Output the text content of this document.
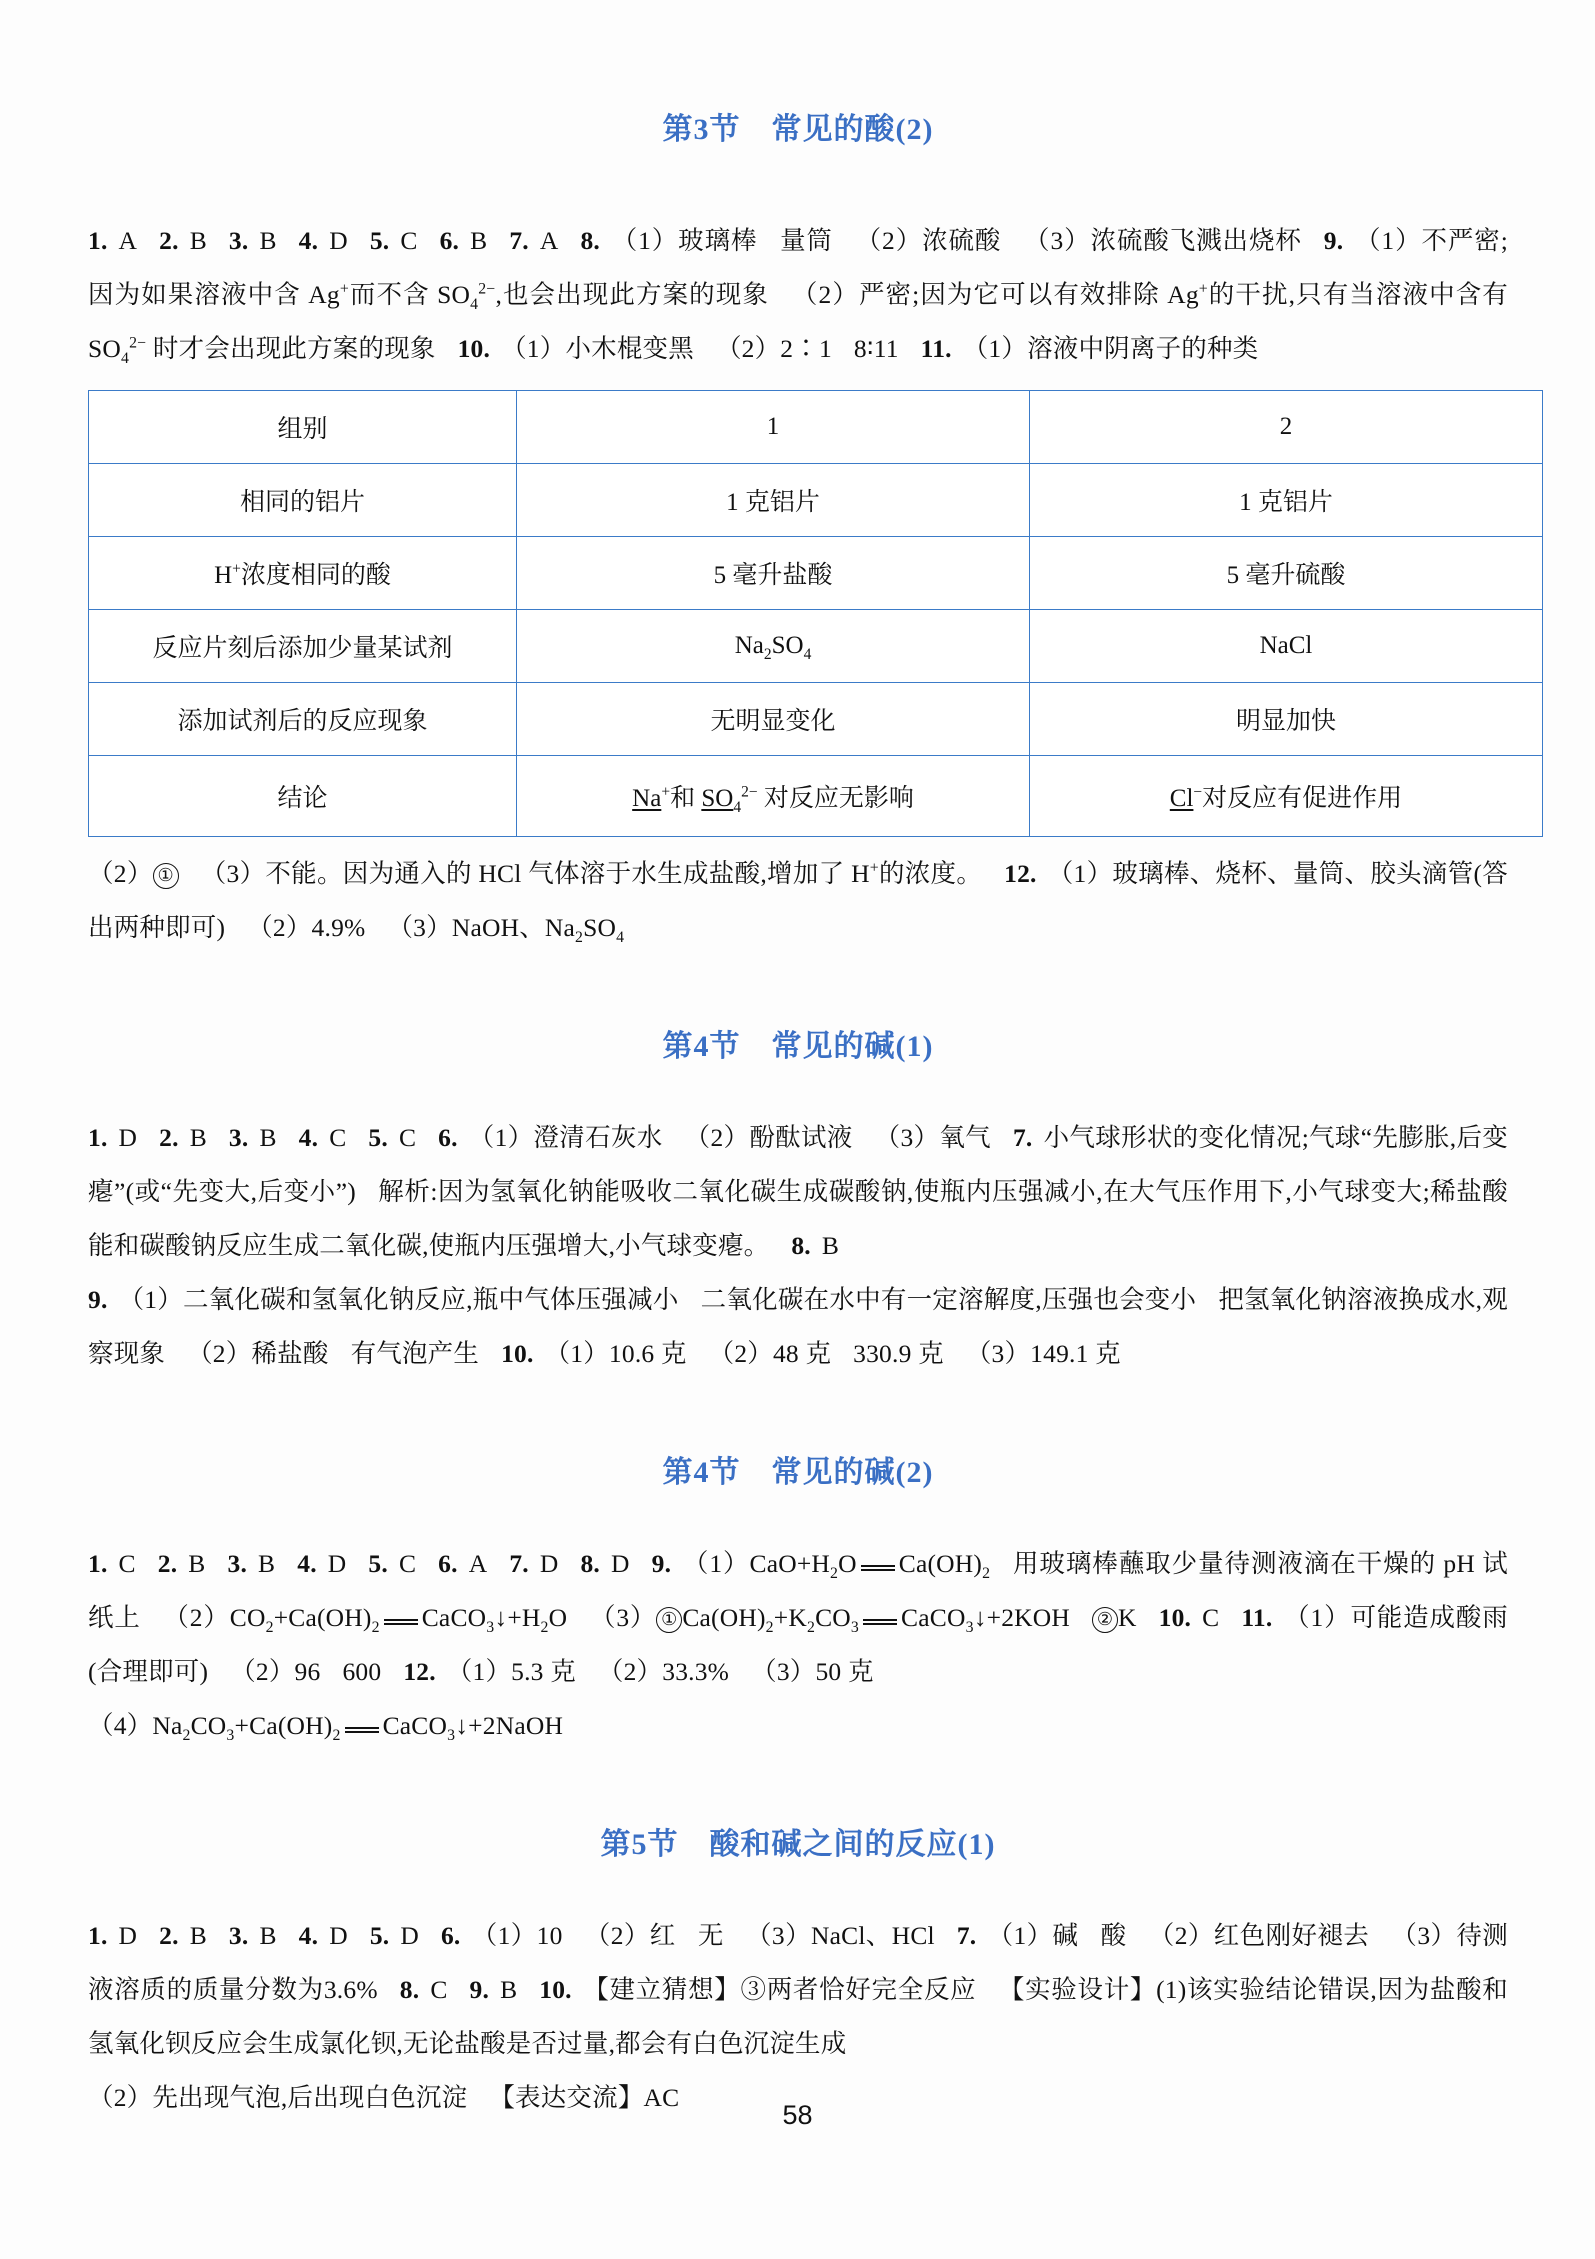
第3节　常见的酸(2)

1. A 2. B 3. B 4. D 5. C 6. B 7. A 8. （1）玻璃棒 量筒 （2）浓硫酸 （3）浓硫酸飞溅出烧杯 9. （1）不严密;因为如果溶液中含 Ag+而不含 $SO_4^{2-}$,也会出现此方案的现象 （2）严密;因为它可以有效排除 Ag+的干扰,只有当溶液中含有 $SO_4^{2-}$ 时才会出现此方案的现象 10. （1）小木棍变黑 （2）2∶1 8∶11 11. （1）溶液中阴离子的种类

组别	1	2
相同的铝片	1 克铝片	1 克铝片
H+浓度相同的酸	5 毫升盐酸	5 毫升硫酸
反应片刻后添加少量某试剂	$Na_2SO_4$	NaCl
添加试剂后的反应现象	无明显变化	明显加快
结论	Na+和 $SO_4^{2-}$ 对反应无影响	Cl−对反应有促进作用

（2） ① （3）不能。因为通入的 HCl 气体溶于水生成盐酸,增加了 H+的浓度。 12. （1）玻璃棒、烧杯、量筒、胶头滴管(答出两种即可) （2）4.9% （3）NaOH、$Na_2SO_4$

第4节　常见的碱(1)

1. D 2. B 3. B 4. C 5. C 6. （1）澄清石灰水 （2）酚酞试液 （3）氧气 7. 小气球形状的变化情况;气球“先膨胀,后变瘪”(或“先变大,后变小”) 解析:因为氢氧化钠能吸收二氧化碳生成碳酸钠,使瓶内压强减小,在大气压作用下,小气球变大;稀盐酸能和碳酸钠反应生成二氧化碳,使瓶内压强增大,小气球变瘪。 8. B
9. （1）二氧化碳和氢氧化钠反应,瓶中气体压强减小 二氧化碳在水中有一定溶解度,压强也会变小 把氢氧化钠溶液换成水,观察现象 （2）稀盐酸 有气泡产生 10. （1）10.6 克 （2）48 克 330.9 克 （3）149.1 克

第4节　常见的碱(2)

1. C 2. B 3. B 4. D 5. C 6. A 7. D 8. D 9. $(1)CaO+H_2O$ $Ca(OH)_2$ 用玻璃棒蘸取少量待测液滴在干燥的 pH 试纸上 $(2)CO_2+Ca(OH)_2$ $CaCO_3↓+H_2O$ （3） ① $Ca(OH)_2+K_2CO_3$ CaCO$_3$↓+2KOH ② K 10. C 11. （1）可能造成酸雨(合理即可) （2）96 600 12. （1）5.3 克 （2）33.3% （3）50 克
$(4)Na_2CO_3+Ca(OH)_2$ CaCO$_3$↓+2NaOH

第5节　酸和碱之间的反应(1)

1. D 2. B 3. B 4. D 5. D 6. （1）10 （2）红 无 （3）NaCl、HCl 7. （1）碱 酸 （2）红色刚好褪去 （3）待测液溶质的质量分数为3.6% 8. C 9. B 10. 【建立猜想】③两者恰好完全反应 【实验设计】(1)该实验结论错误,因为盐酸和氢氧化钡反应会生成氯化钡,无论盐酸是否过量,都会有白色沉淀生成
（2）先出现气泡,后出现白色沉淀 【表达交流】AC

58
